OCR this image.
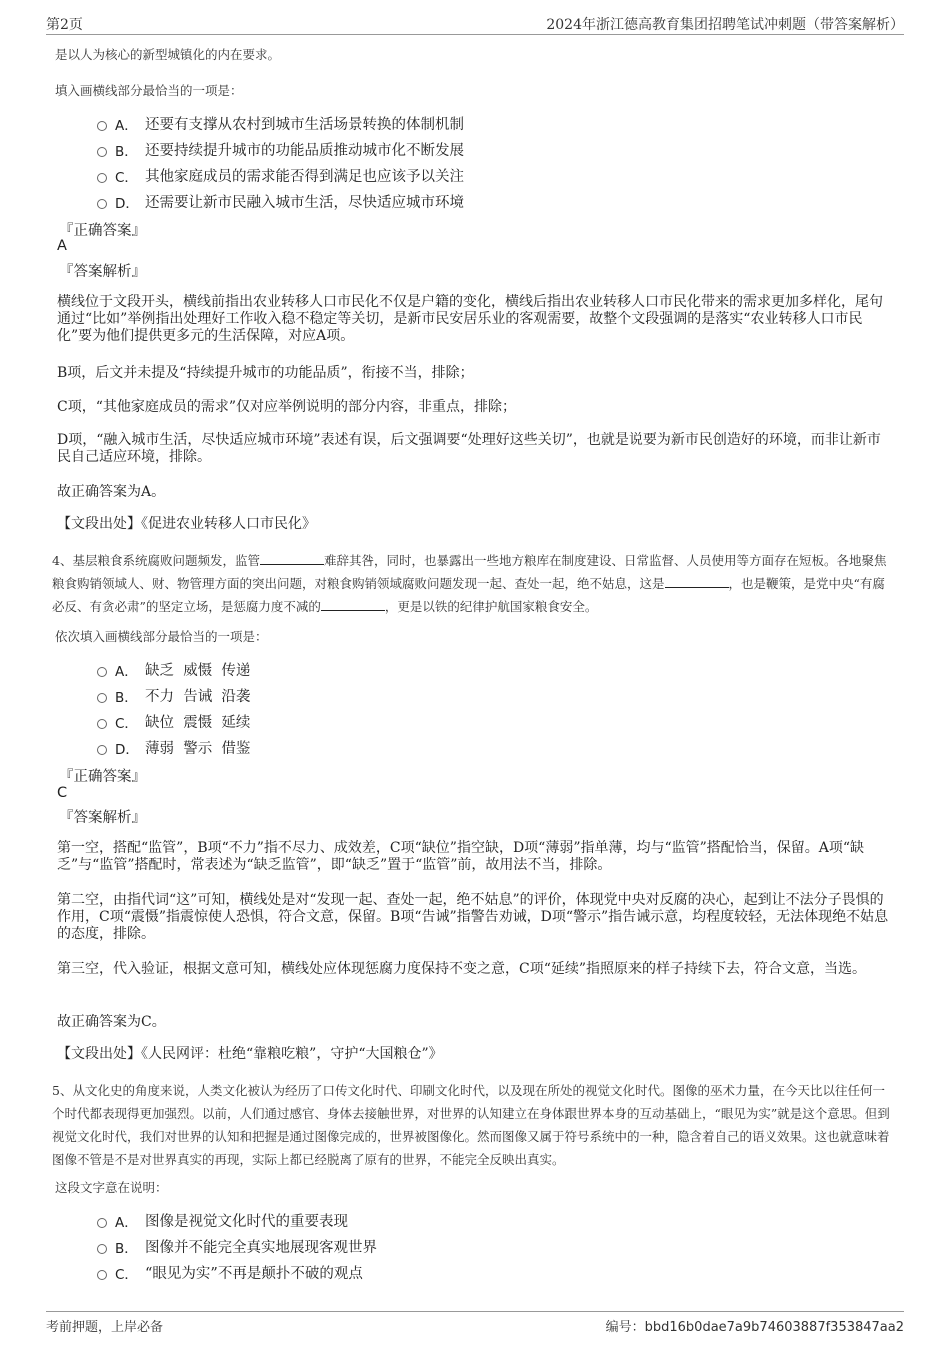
第2页	2024年浙江德高教育集团招聘笔试冲刺题（带答案解析）

是以人为核心的新型城镇化的内在要求。

填入画横线部分最恰当的一项是：

A． 还要有支撑从农村到城市生活场景转换的体制机制
B． 还要持续提升城市的功能品质推动城市化不断发展
C． 其他家庭成员的需求能否得到满足也应该予以关注
D． 还需要让新市民融入城市生活，尽快适应城市环境

『正确答案』

A

『答案解析』

横线位于文段开头，横线前指出农业转移人口市民化不仅是户籍的变化，横线后指出农业转移人口市民化带来的需求更加多样化，尾句通过“比如”举例指出处理好工作收入稳不稳定等关切，是新市民安居乐业的客观需要，故整个文段强调的是落实“农业转移人口市民化”要为他们提供更多元的生活保障，对应A项。

B项，后文并未提及“持续提升城市的功能品质”，衔接不当，排除；

C项，“其他家庭成员的需求”仅对应举例说明的部分内容，非重点，排除；

D项，“融入城市生活，尽快适应城市环境”表述有误，后文强调要“处理好这些关切”，也就是说要为新市民创造好的环境，而非让新市民自己适应环境，排除。

故正确答案为A。

【文段出处】《促进农业转移人口市民化》

4、基层粮食系统腐败问题频发，监管	难辞其咎，同时，也暴露出一些地方粮库在制度建设、日常监督、人员使用等方面存在短板。各地聚焦粮食购销领域人、财、物管理方面的突出问题，对粮食购销领域腐败问题发现一起、查处一起，绝不姑息，这是	，也是鞭策，是党中央“有腐必反、有贪必肃”的坚定立场，是惩腐力度不减的	，更是以铁的纪律护航国家粮食安全。

依次填入画横线部分最恰当的一项是：

A． 缺乏  威慑  传递
B． 不力  告诫  沿袭
C． 缺位  震慑  延续
D． 薄弱  警示  借鉴

『正确答案』

C

『答案解析』

第一空，搭配“监管”，B项“不力”指不尽力、成效差，C项“缺位”指空缺，D项“薄弱”指单薄，均与“监管”搭配恰当，保留。A项“缺乏”与“监管”搭配时，常表述为“缺乏监管”，即“缺乏”置于“监管”前，故用法不当，排除。

第二空，由指代词“这”可知，横线处是对“发现一起、查处一起，绝不姑息”的评价，体现党中央对反腐的决心，起到让不法分子畏惧的作用，C项“震慑”指震惊使人恐惧，符合文意，保留。B项“告诫”指警告劝诫，D项“警示”指告诫示意，均程度较轻，无法体现绝不姑息的态度，排除。

第三空，代入验证，根据文意可知，横线处应体现惩腐力度保持不变之意，C项“延续”指照原来的样子持续下去，符合文意，当选。

故正确答案为C。

【文段出处】《人民网评：杜绝“靠粮吃粮”，守护“大国粮仓”》

5、从文化史的角度来说，人类文化被认为经历了口传文化时代、印刷文化时代，以及现在所处的视觉文化时代。图像的巫术力量，在今天比以往任何一个时代都表现得更加强烈。以前，人们通过感官、身体去接触世界，对世界的认知建立在身体跟世界本身的互动基础上，“眼见为实”就是这个意思。但到视觉文化时代，我们对世界的认知和把握是通过图像完成的，世界被图像化。然而图像又属于符号系统中的一种，隐含着自己的语义效果。这也就意味着图像不管是不是对世界真实的再现，实际上都已经脱离了原有的世界，不能完全反映出真实。

这段文字意在说明：

A． 图像是视觉文化时代的重要表现
B． 图像并不能完全真实地展现客观世界
C． “眼见为实”不再是颠扑不破的观点
考前押题，上岸必备	编号：bbd16b0dae7a9b74603887f353847aa2
